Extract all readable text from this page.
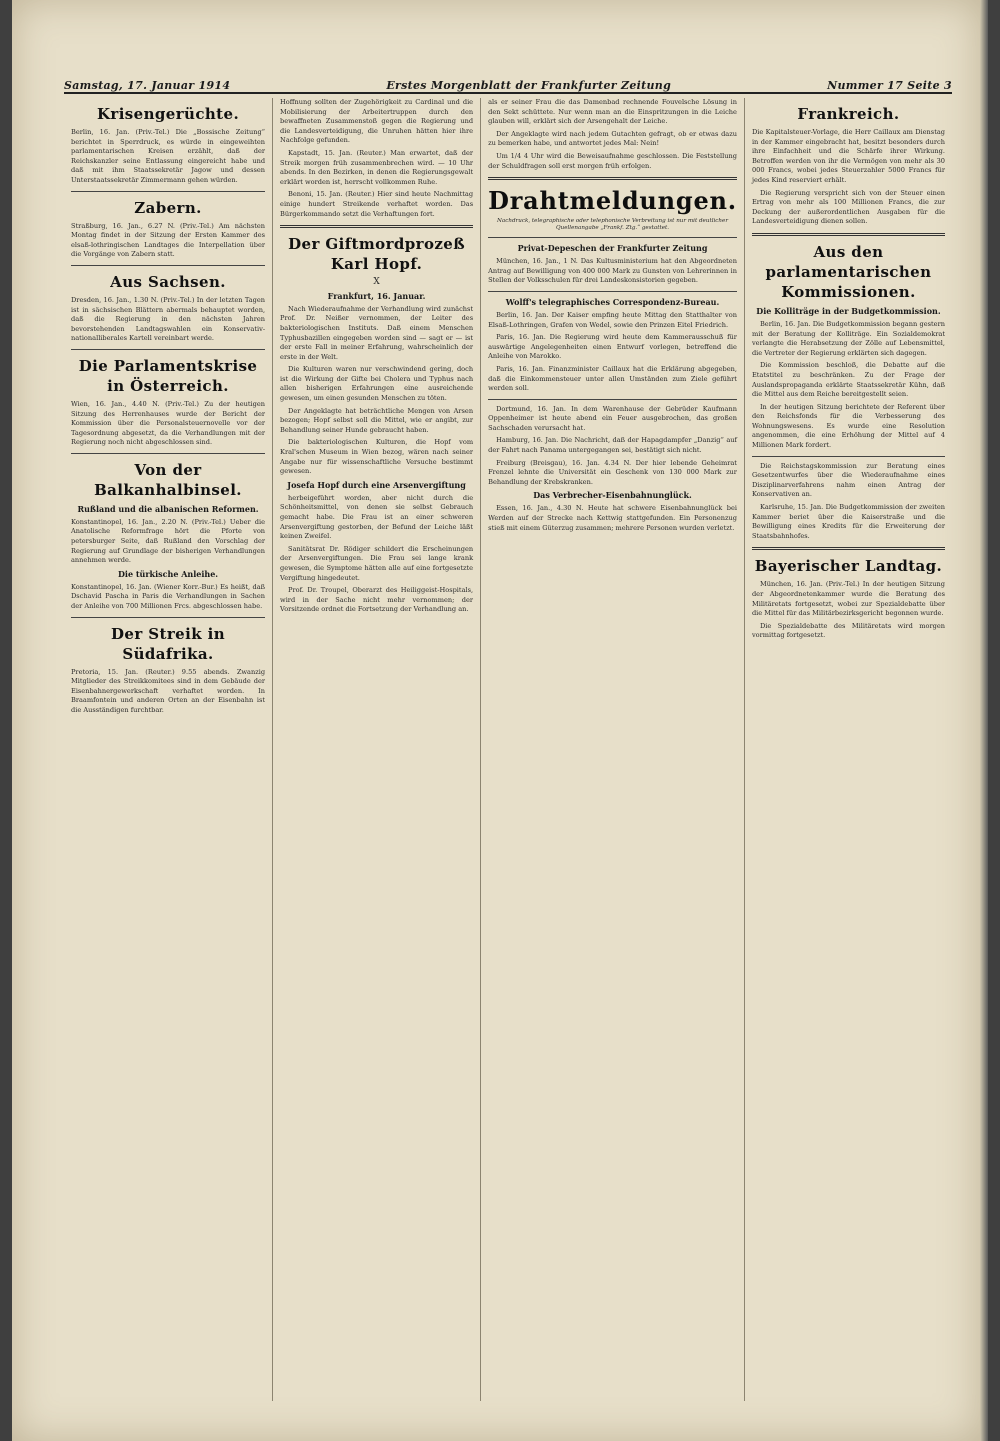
Samstag, 17. Januar 1914	Erstes Morgenblatt der Frankfurter Zeitung	Nummer 17 Seite 3
Krisengerüchte.

Berlin, 16. Jan. (Priv.-Tel.) Die „Bossische Zeitung“ berichtet in Sperrdruck, es würde in eingeweihten parlamentarischen Kreisen erzählt, daß der Reichskanzler seine Entlassung eingereicht habe und daß mit ihm Staatssekretär Jagow und dessen Unterstaatssekretär Zimmermann gehen würden.

Zabern.

Straßburg, 16. Jan., 6.27 N. (Priv.-Tel.) Am nächsten Montag findet in der Sitzung der Ersten Kammer des elsaß-lothringischen Landtages die Interpellation über die Vorgänge von Zabern statt.

Aus Sachsen.

Dresden, 16. Jan., 1.30 N. (Priv.-Tel.) In der letzten Tagen ist in sächsischen Blättern abermals behauptet worden, daß die Regierung in den nächsten Jahren bevorstehenden Landtagswahlen ein Konservativ-nationalliberales Kartell vereinbart werde.

Die Parlamentskrise in Österreich.

Wien, 16. Jan., 4.40 N. (Priv.-Tel.) Zu der heutigen Sitzung des Herrenhauses wurde der Bericht der Kommission über die Personalsteuernovelle vor der Tagesordnung abgesetzt, da die Verhandlungen mit der Regierung noch nicht abgeschlossen sind.

Von der Balkanhalbinsel.
Rußland und die albanischen Reformen.

Konstantinopel, 16. Jan., 2.20 N. (Priv.-Tel.) Ueber die Anatolische Reformfrage hört die Pforte von petersburger Seite, daß Rußland den Vorschlag der Regierung auf Grundlage der bisherigen Verhandlungen annehmen werde.

Die türkische Anleihe.

Konstantinopel, 16. Jan. (Wiener Korr.-Bur.) Es heißt, daß Dschavid Pascha in Paris die Verhandlungen in Sachen der Anleihe von 700 Millionen Frcs. abgeschlossen habe.

Der Streik in Südafrika.

Pretoria, 15. Jan. (Reuter.) 9.55 abends. Zwanzig Mitglieder des Streikkomitees sind in dem Gebäude der Eisenbahnergewerkschaft verhaftet worden. In Braamfontein und anderen Orten an der Eisenbahn ist die Ausständigen furchtbar.

Hoffnung sollten der Zugehörigkeit zu Cardinal und die Mobilisierung der Arbeitertruppen durch den bewaffneten Zusammenstoß gegen die Regierung und die Landesverteidigung, die Unruhen hätten hier ihre Nachfolge gefunden.

Kapstadt, 15. Jan. (Reuter.) Man erwartet, daß der Streik morgen früh zusammenbrechen wird. — 10 Uhr abends. In den Bezirken, in denen die Regierungsgewalt erklärt worden ist, herrscht vollkommen Ruhe.

Benoni, 15. Jan. (Reuter.) Hier sind heute Nachmittag einige hundert Streikende verhaftet worden. Das Bürgerkommando setzt die Verhaftungen fort.

Der Giftmordprozeß Karl Hopf.
X
Frankfurt, 16. Januar.

Nach Wiederaufnahme der Verhandlung wird zunächst Prof. Dr. Neißer vernommen, der Leiter des bakteriologischen Instituts. Daß einem Menschen Typhusbazillen eingegeben worden sind — sagt er — ist der erste Fall in meiner Erfahrung, wahrscheinlich der erste in der Welt.

Die Kulturen waren nur verschwindend gering, doch ist die Wirkung der Gifte bei Cholera und Typhus nach allen bisherigen Erfahrungen eine ausreichende gewesen, um einen gesunden Menschen zu töten.

Der Angeklagte hat beträchtliche Mengen von Arsen bezogen; Hopf selbst soll die Mittel, wie er angibt, zur Behandlung seiner Hunde gebraucht haben.

Die bakteriologischen Kulturen, die Hopf vom Kral'schen Museum in Wien bezog, wären nach seiner Angabe nur für wissenschaftliche Versuche bestimmt gewesen.

Josefa Hopf durch eine Arsenvergiftung

herbeigeführt worden, aber nicht durch die Schönheitsmittel, von denen sie selbst Gebrauch gemacht habe. Die Frau ist an einer schweren Arsenvergiftung gestorben, der Befund der Leiche läßt keinen Zweifel.

Sanitätsrat Dr. Rödiger schildert die Erscheinungen der Arsenvergiftungen. Die Frau sei lange krank gewesen, die Symptome hätten alle auf eine fortgesetzte Vergiftung hingedeutet.

Prof. Dr. Troupel, Oberarzt des Heiliggeist-Hospitals, wird in der Sache nicht mehr vernommen; der Vorsitzende ordnet die Fortsetzung der Verhandlung an.

als er seiner Frau die das Damenbad rechnende Fouvelsche Lösung in den Sekt schüttete. Nur wenn man an die Einspritzungen in die Leiche glauben will, erklärt sich der Arsengehalt der Leiche.

Der Angeklagte wird nach jedem Gutachten gefragt, ob er etwas dazu zu bemerken habe, und antwortet jedes Mal: Nein!

Um 1/4 4 Uhr wird die Beweisaufnahme geschlossen. Die Feststellung der Schuldfragen soll erst morgen früh erfolgen.

Drahtmeldungen.
Nachdruck, telegraphische oder telephonische Verbreitung ist nur mit deutlicher Quellenangabe „Frankf. Ztg.“ gestattet.
Privat-Depeschen der Frankfurter Zeitung

München, 16. Jan., 1 N. Das Kultusministerium hat den Abgeordneten Antrag auf Bewilligung von 400 000 Mark zu Gunsten von Lehrerinnen in Stellen der Volksschulen für drei Landeskonsistorien gegeben.

Wolff's telegraphisches Correspondenz-Bureau.

Berlin, 16. Jan. Der Kaiser empfing heute Mittag den Statthalter von Elsaß-Lothringen, Grafen von Wedel, sowie den Prinzen Eitel Friedrich.

Paris, 16. Jan. Die Regierung wird heute dem Kammerausschuß für auswärtige Angelegenheiten einen Entwurf vorlegen, betreffend die Anleihe von Marokko.

Paris, 16. Jan. Finanzminister Caillaux hat die Erklärung abgegeben, daß die Einkommensteuer unter allen Umständen zum Ziele geführt werden soll.

Dortmund, 16. Jan. In dem Warenhause der Gebrüder Kaufmann Oppenheimer ist heute abend ein Feuer ausgebrochen, das großen Sachschaden verursacht hat.

Hamburg, 16. Jan. Die Nachricht, daß der Hapagdampfer „Danzig“ auf der Fahrt nach Panama untergegangen sei, bestätigt sich nicht.

Freiburg (Breisgau), 16. Jan. 4.34 N. Der hier lebende Geheimrat Frenzel lehnte die Universität ein Geschenk von 130 000 Mark zur Behandlung der Krebskranken.

Das Verbrecher-Eisenbahnunglück.

Essen, 16. Jan., 4.30 N. Heute hat schwere Eisenbahnunglück bei Werden auf der Strecke nach Kettwig stattgefunden. Ein Personenzug stieß mit einem Güterzug zusammen; mehrere Personen wurden verletzt.

Frankreich.

Die Kapitalsteuer-Vorlage, die Herr Caillaux am Dienstag in der Kammer eingebracht hat, besitzt besonders durch ihre Einfachheit und die Schärfe ihrer Wirkung. Betroffen werden von ihr die Vermögen von mehr als 30 000 Francs, wobei jedes Steuerzahler 5000 Francs für jedes Kind reserviert erhält.

Die Regierung verspricht sich von der Steuer einen Ertrag von mehr als 100 Millionen Francs, die zur Deckung der außerordentlichen Ausgaben für die Landesverteidigung dienen sollen.

Aus den parlamentarischen Kommissionen.
Die Kolliträge in der Budgetkommission.

Berlin, 16. Jan. Die Budgetkommission begann gestern mit der Beratung der Kolliträge. Ein Sozialdemokrat verlangte die Herabsetzung der Zölle auf Lebensmittel, die Vertreter der Regierung erklärten sich dagegen.

Die Kommission beschloß, die Debatte auf die Etatstitel zu beschränken. Zu der Frage der Auslandspropaganda erklärte Staatssekretär Kühn, daß die Mittel aus dem Reiche bereitgestellt seien.

In der heutigen Sitzung berichtete der Referent über den Reichsfonds für die Verbesserung des Wohnungswesens. Es wurde eine Resolution angenommen, die eine Erhöhung der Mittel auf 4 Millionen Mark fordert.

Die Reichstagskommission zur Beratung eines Gesetzentwurfes über die Wiederaufnahme eines Disziplinarverfahrens nahm einen Antrag der Konservativen an.

Karlsruhe, 15. Jan. Die Budgetkommission der zweiten Kammer beriet über die Kaiserstraße und die Bewilligung eines Kredits für die Erweiterung der Staatsbahnhofes.

Bayerischer Landtag.

München, 16. Jan. (Priv.-Tel.) In der heutigen Sitzung der Abgeordnetenkammer wurde die Beratung des Militäretats fortgesetzt, wobei zur Spezialdebatte über die Mittel für das Militärbezirksgericht begonnen wurde.

Die Spezialdebatte des Militäretats wird morgen vormittag fortgesetzt.
